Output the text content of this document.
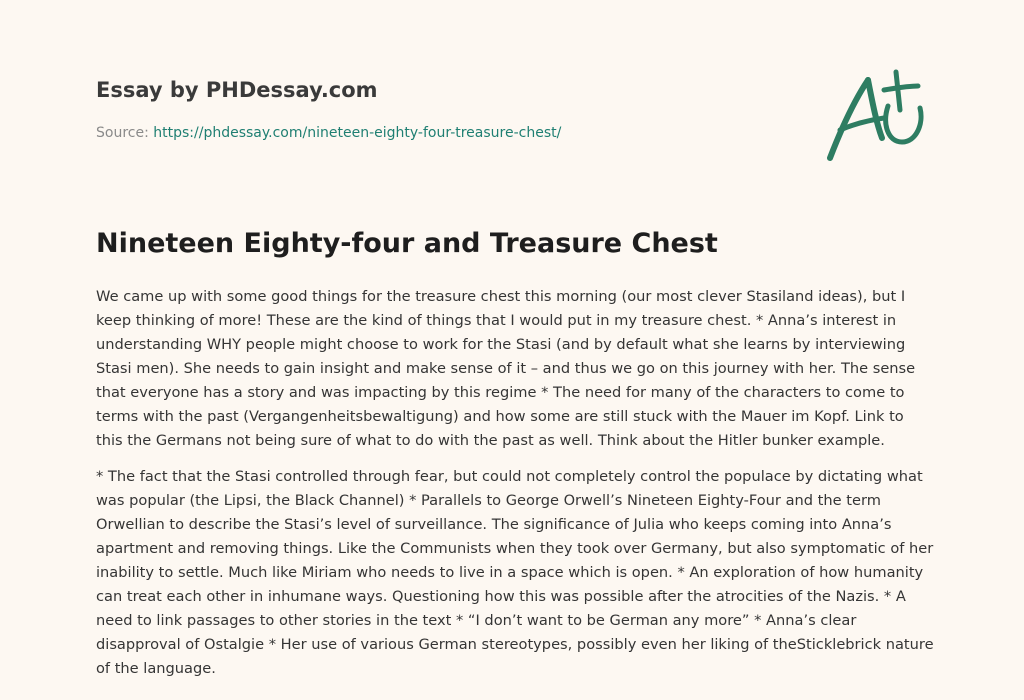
Essay by PHDessay.com
Source: https://phdessay.com/nineteen-eighty-four-treasure-chest/
Nineteen Eighty-four and Treasure Chest

We came up with some good things for the treasure chest this morning (our most clever Stasiland ideas), but I keep thinking of more! These are the kind of things that I would put in my treasure chest. * Anna’s interest in understanding WHY people might choose to work for the Stasi (and by default what she learns by interviewing Stasi men). She needs to gain insight and make sense of it – and thus we go on this journey with her. The sense that everyone has a story and was impacting by this regime * The need for many of the characters to come to terms with the past (Vergangenheitsbewaltigung) and how some are still stuck with the Mauer im Kopf. Link to this the Germans not being sure of what to do with the past as well. Think about the Hitler bunker example.

* The fact that the Stasi controlled through fear, but could not completely control the populace by dictating what was popular (the Lipsi, the Black Channel) * Parallels to George Orwell’s Nineteen Eighty-Four and the term Orwellian to describe the Stasi’s level of surveillance. The significance of Julia who keeps coming into Anna’s apartment and removing things. Like the Communists when they took over Germany, but also symptomatic of her inability to settle. Much like Miriam who needs to live in a space which is open. * An exploration of how humanity can treat each other in inhumane ways. Questioning how this was possible after the atrocities of the Nazis. * A need to link passages to other stories in the text * “I don’t want to be German any more” * Anna’s clear disapproval of Ostalgie * Her use of various German stereotypes, possibly even her liking of theSticklebrick nature of the language.
